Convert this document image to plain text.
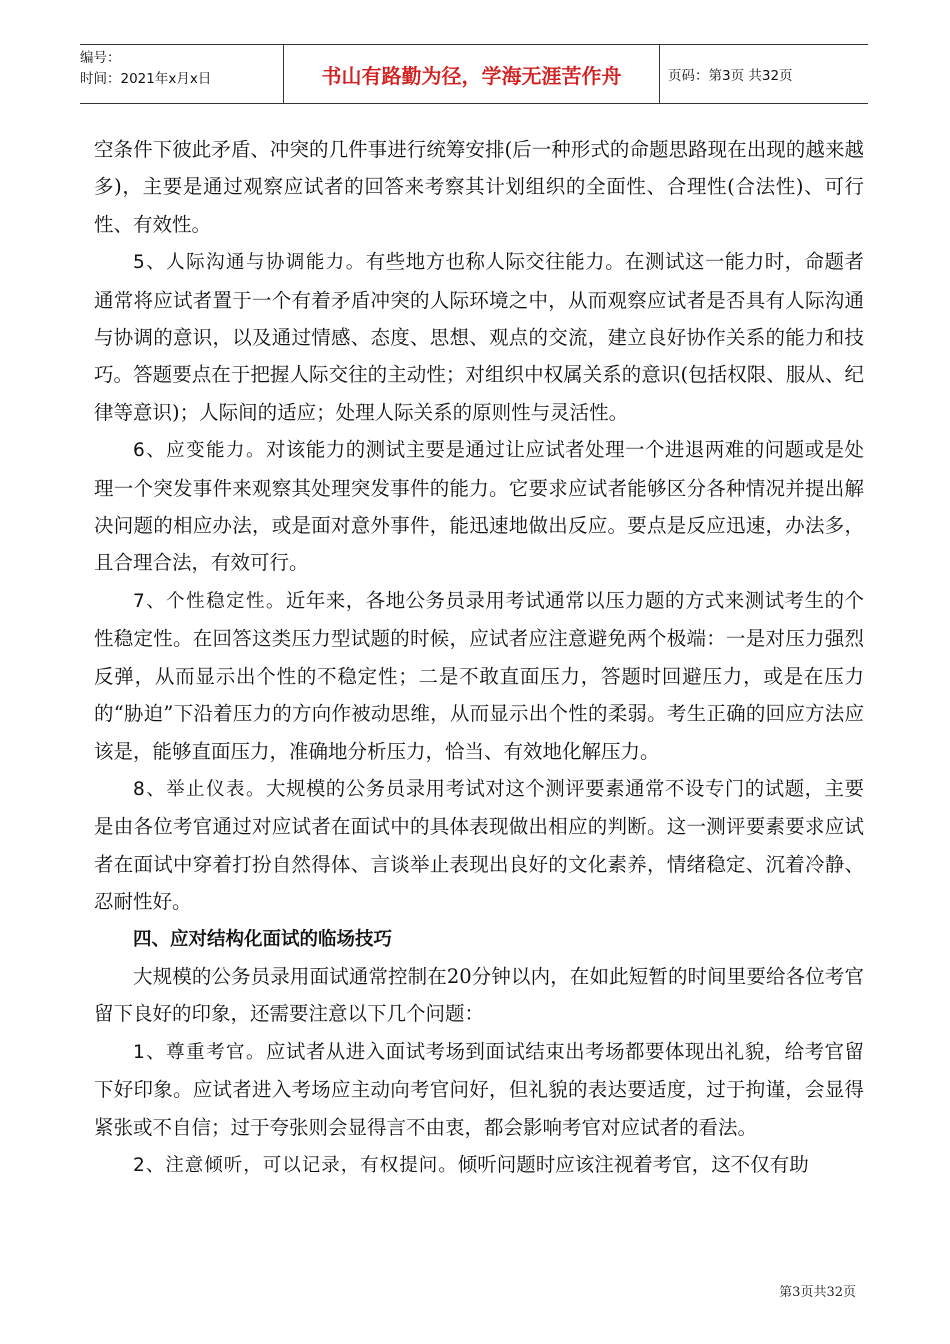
编号：
时间：2021年x月x日	书山有路勤为径，学海无涯苦作舟	页码：第3页 共32页

空条件下彼此矛盾、冲突的几件事进行统筹安排(后一种形式的命题思路现在出现的越来越多)，主要是通过观察应试者的回答来考察其计划组织的全面性、合理性(合法性)、可行性、有效性。

5、人际沟通与协调能力。有些地方也称人际交往能力。在测试这一能力时，命题者通常将应试者置于一个有着矛盾冲突的人际环境之中，从而观察应试者是否具有人际沟通与协调的意识，以及通过情感、态度、思想、观点的交流，建立良好协作关系的能力和技巧。答题要点在于把握人际交往的主动性；对组织中权属关系的意识(包括权限、服从、纪律等意识)；人际间的适应；处理人际关系的原则性与灵活性。

6、应变能力。对该能力的测试主要是通过让应试者处理一个进退两难的问题或是处理一个突发事件来观察其处理突发事件的能力。它要求应试者能够区分各种情况并提出解决问题的相应办法，或是面对意外事件，能迅速地做出反应。要点是反应迅速，办法多，且合理合法，有效可行。

7、个性稳定性。近年来，各地公务员录用考试通常以压力题的方式来测试考生的个性稳定性。在回答这类压力型试题的时候，应试者应注意避免两个极端：一是对压力强烈反弹，从而显示出个性的不稳定性；二是不敢直面压力，答题时回避压力，或是在压力的“胁迫”下沿着压力的方向作被动思维，从而显示出个性的柔弱。考生正确的回应方法应该是，能够直面压力，准确地分析压力，恰当、有效地化解压力。

8、举止仪表。大规模的公务员录用考试对这个测评要素通常不设专门的试题，主要是由各位考官通过对应试者在面试中的具体表现做出相应的判断。这一测评要素要求应试者在面试中穿着打扮自然得体、言谈举止表现出良好的文化素养，情绪稳定、沉着冷静、忍耐性好。

四、应对结构化面试的临场技巧

大规模的公务员录用面试通常控制在20分钟以内，在如此短暂的时间里要给各位考官留下良好的印象，还需要注意以下几个问题：

1、尊重考官。应试者从进入面试考场到面试结束出考场都要体现出礼貌，给考官留下好印象。应试者进入考场应主动向考官问好，但礼貌的表达要适度，过于拘谨，会显得紧张或不自信；过于夸张则会显得言不由衷，都会影响考官对应试者的看法。

2、注意倾听，可以记录，有权提问。倾听问题时应该注视着考官，这不仅有助

第3页共32页
